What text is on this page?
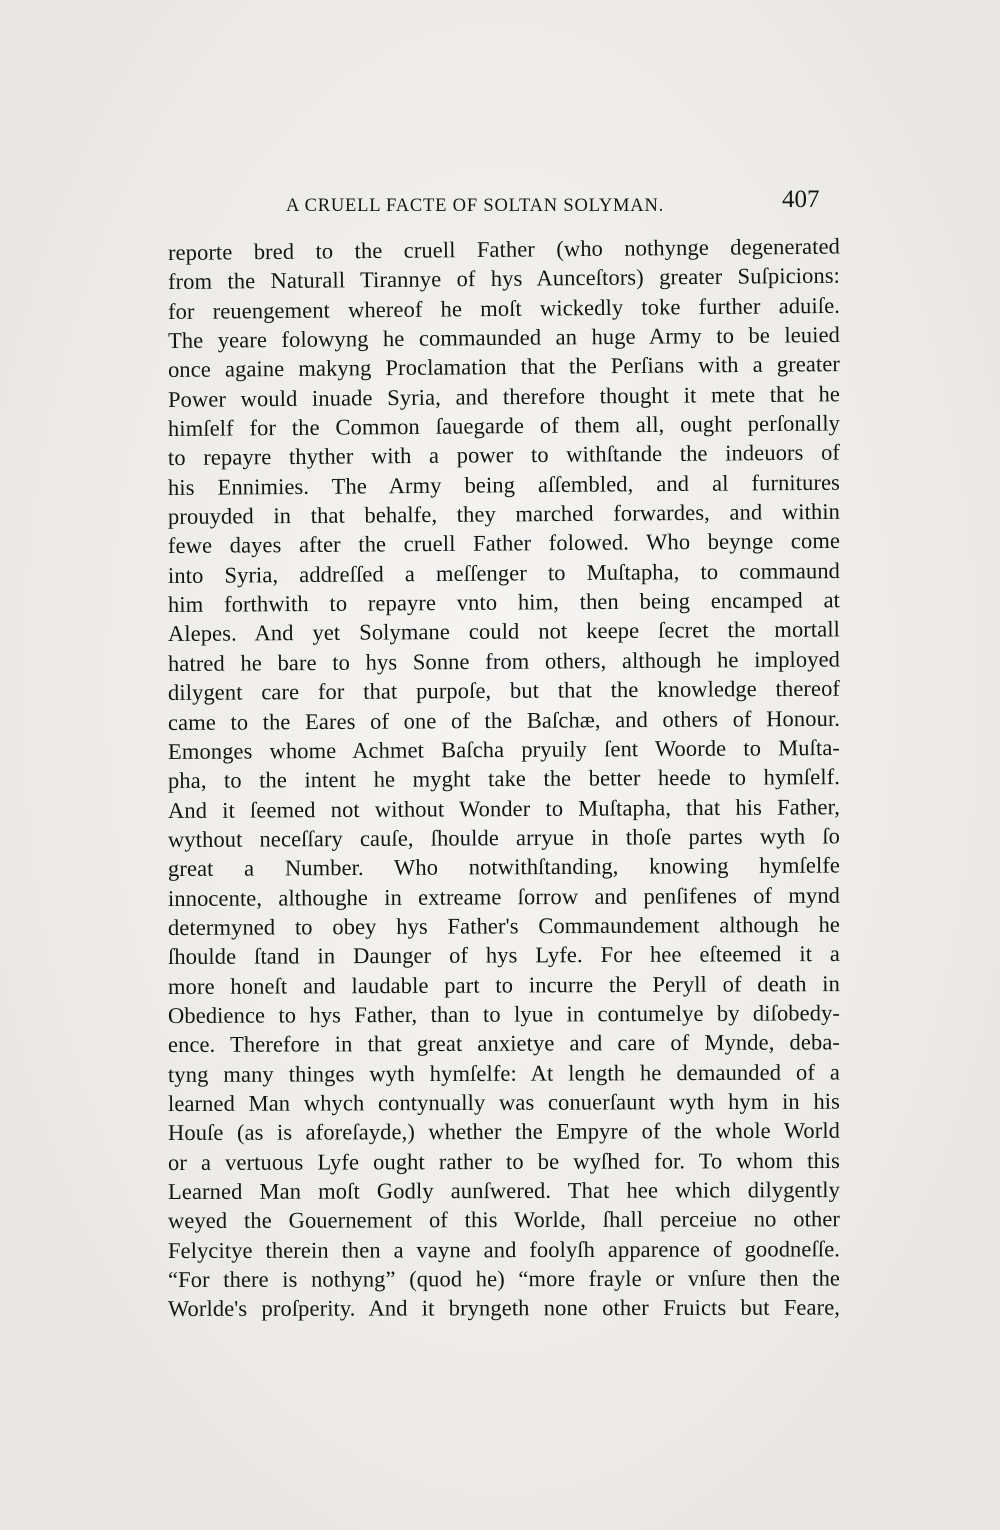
A CRUELL FACTE OF SOLTAN SOLYMAN.	407
reporte bred to the cruell Father (who nothynge degenerated
from the Naturall Tirannye of hys Aunceſtors) greater Suſpicions:
for reuengement whereof he moſt wickedly toke further aduiſe.
The yeare folowyng he commaunded an huge Army to be leuied
once againe makyng Proclamation that the Perſians with a greater
Power would inuade Syria, and therefore thought it mete that he
himſelf for the Common ſauegarde of them all, ought perſonally
to repayre thyther with a power to withſtande the indeuors of
his Ennimies. The Army being aſſembled, and al furnitures
prouyded in that behalfe, they marched forwardes, and within
fewe dayes after the cruell Father folowed. Who beynge come
into Syria, addreſſed a meſſenger to Muſtapha, to commaund
him forthwith to repayre vnto him, then being encamped at
Alepes. And yet Solymane could not keepe ſecret the mortall
hatred he bare to hys Sonne from others, although he imployed
dilygent care for that purpoſe, but that the knowledge thereof
came to the Eares of one of the Baſchæ, and others of Honour.
Emonges whome Achmet Baſcha pryuily ſent Woorde to Muſta-
pha, to the intent he myght take the better heede to hymſelf.
And it ſeemed not without Wonder to Muſtapha, that his Father,
wythout neceſſary cauſe, ſhoulde arryue in thoſe partes wyth ſo
great a Number. Who notwithſtanding, knowing hymſelfe
innocente, althoughe in extreame ſorrow and penſifenes of mynd
determyned to obey hys Father's Commaundement although he
ſhoulde ſtand in Daunger of hys Lyfe. For hee eſteemed it a
more honeſt and laudable part to incurre the Peryll of death in
Obedience to hys Father, than to lyue in contumelye by diſobedy-
ence. Therefore in that great anxietye and care of Mynde, deba-
tyng many thinges wyth hymſelfe: At length he demaunded of a
learned Man whych contynually was conuerſaunt wyth hym in his
Houſe (as is aforeſayde,) whether the Empyre of the whole World
or a vertuous Lyfe ought rather to be wyſhed for. To whom this
Learned Man moſt Godly aunſwered. That hee which dilygently
weyed the Gouernement of this Worlde, ſhall perceiue no other
Felycitye therein then a vayne and foolyſh apparence of goodneſſe.
“For there is nothyng” (quod he) “more frayle or vnſure then the
Worlde's proſperity. And it bryngeth none other Fruicts but Feare,
